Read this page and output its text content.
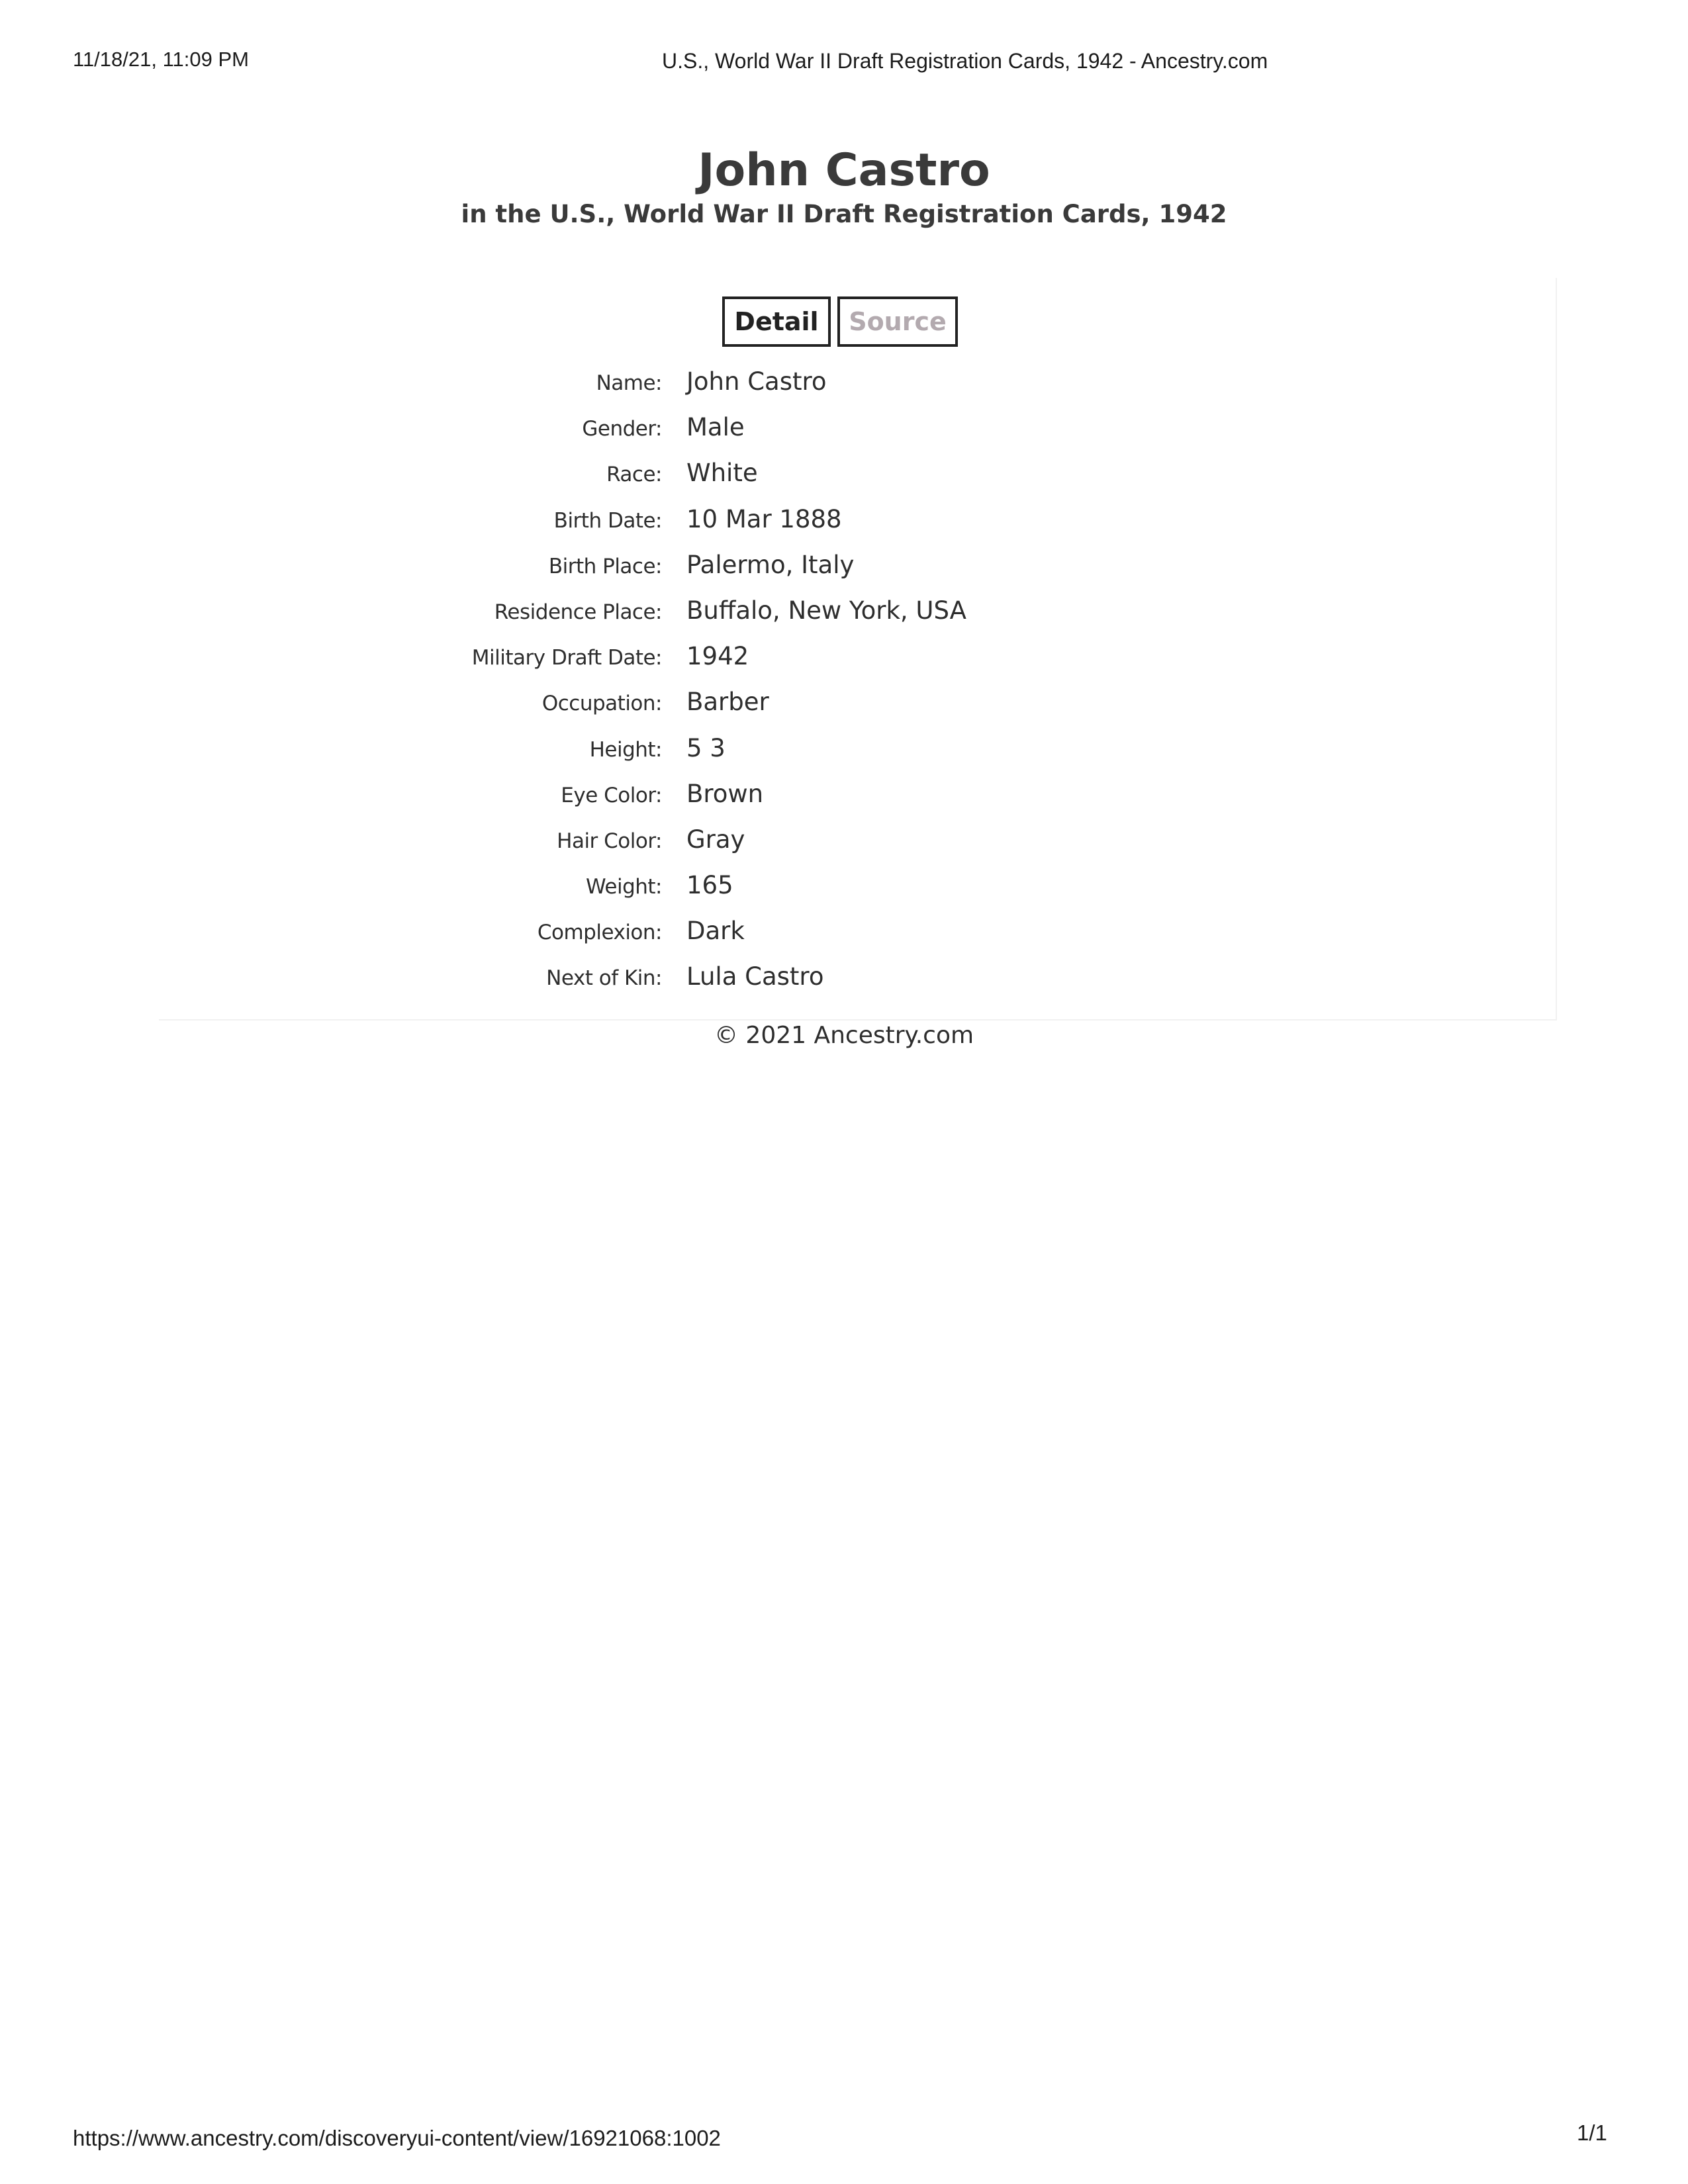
11/18/21, 11:09 PM	U.S., World War II Draft Registration Cards, 1942 - Ancestry.com
John Castro
in the U.S., World War II Draft Registration Cards, 1942
Detail	Source
Name: John Castro
Gender: Male
Race: White
Birth Date: 10 Mar 1888
Birth Place: Palermo, Italy
Residence Place: Buffalo, New York, USA
Military Draft Date: 1942
Occupation: Barber
Height: 5 3
Eye Color: Brown
Hair Color: Gray
Weight: 165
Complexion: Dark
Next of Kin: Lula Castro
© 2021 Ancestry.com
https://www.ancestry.com/discoveryui-content/view/16921068:1002	1/1
